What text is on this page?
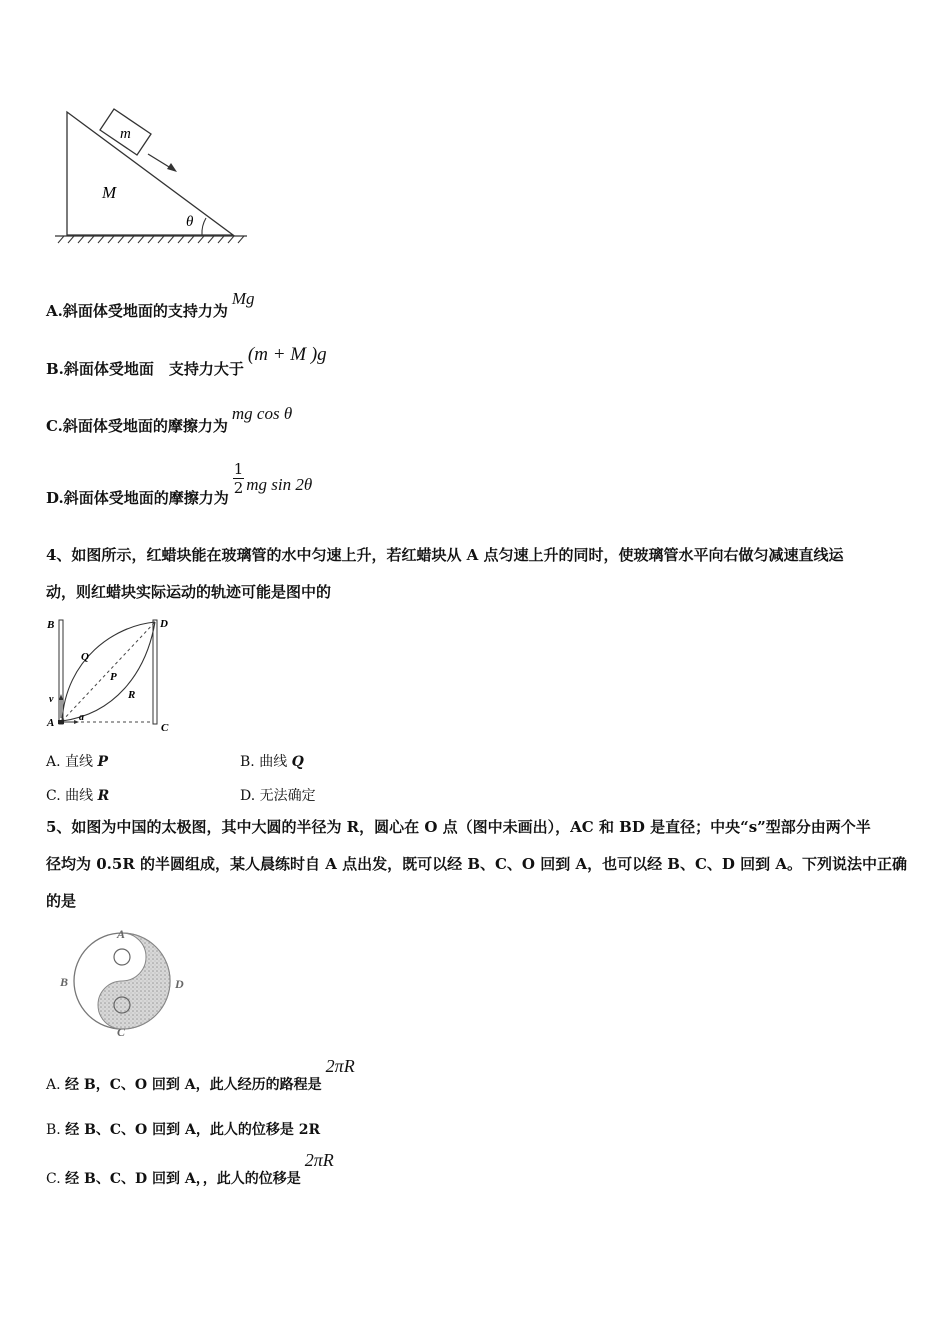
m
M
θ
A.斜面体受地面的支持力为Mg
B.斜面体受地面　支持力大于(m + M )g
C.斜面体受地面的摩擦力为mg cos θ
D.斜面体受地面的摩擦力为
$\frac{1}{2}$ mg sin 2θ
4、如图所示，红蜡块能在玻璃管的水中匀速上升，若红蜡块从 A 点匀速上升的同时，使玻璃管水平向右做匀减速直线运
动，则红蜡块实际运动的轨迹可能是图中的
B	D
Q
P
R
v
A a
C
A. 直线 P	B. 曲线 Q
C. 曲线 R	D. 无法确定
5、如图为中国的太极图，其中大圆的半径为 R，圆心在 O 点（图中未画出），AC 和 BD 是直径；中央“s”型部分由两个半
径均为 0.5R 的半圆组成，某人晨练时自 A 点出发，既可以经 B、C、O 回到 A，也可以经 B、C、D 回到 A。下列说法中正确
的是
A
B	D
C
A. 经 B，C、O 回到 A，此人经历的路程是2πR
B. 经 B、C、O 回到 A，此人的位移是 2R
C. 经 B、C、D 回到 A，，此人的位移是2πR
